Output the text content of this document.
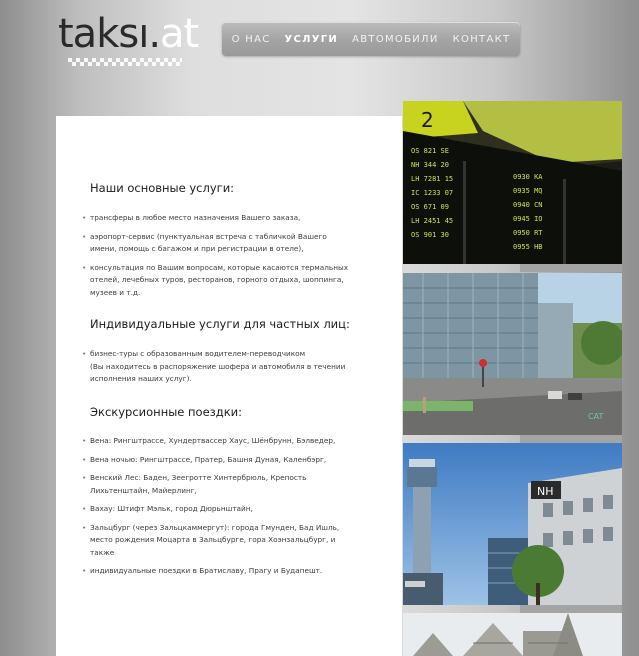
taksı.at	О НАС УСЛУГИ АВТОМОБИЛИ КОНТАКТ
Наши основные услуги:
• трансферы в любое место назначения Вашего заказа,
• аэропорт-сервис (пунктуальная встреча с табличкой Вашего
имени, помощь с багажом и при регистрации в отеле),
• консультация по Вашим вопросам, которые касаются термальных
отелей, лечебных туров, ресторанов, горного отдыха, шоппинга,
музеев и т.д.
Индивидуальные услуги для частных лиц:
• бизнес-туры с образованным водителем-переводчиком
(Вы находитесь в распоряжение шофера и автомобиля в течении
исполнения наших услуг).
Экскурсионные поездки:
• Вена: Рингштрассе, Хундертвассер Хаус, Шёнбрунн, Бэлведер,
• Вена ночью: Рингштрассе, Пратер, Башня Дуная, Каленбэрг,
• Венский Лес: Баден, Зеегротте Хинтербрюль, Крепость
Лихьтенштайн, Майерлинг,
• Вахау: Штифт Мэльк, город Дюрьнштайн,
• Зальцбург (через Зальцкаммергут): города Гмунден, Бад Ишль,
место рождения Моцарта в Зальцбурге, гора Хоэнзальцбург, и
также
• индивидуальные поездки в Братиславу, Прагу и Будапешт.
2
OS 821 SE
NH 344 20
LH 7281 15
IC 1233 07
OS 671 09
LH 2451 45
OS 901 30
0930 KA
0935 MQ
0940 CN
0945 IO
0950 RT
0955 HB
CAT
NH
